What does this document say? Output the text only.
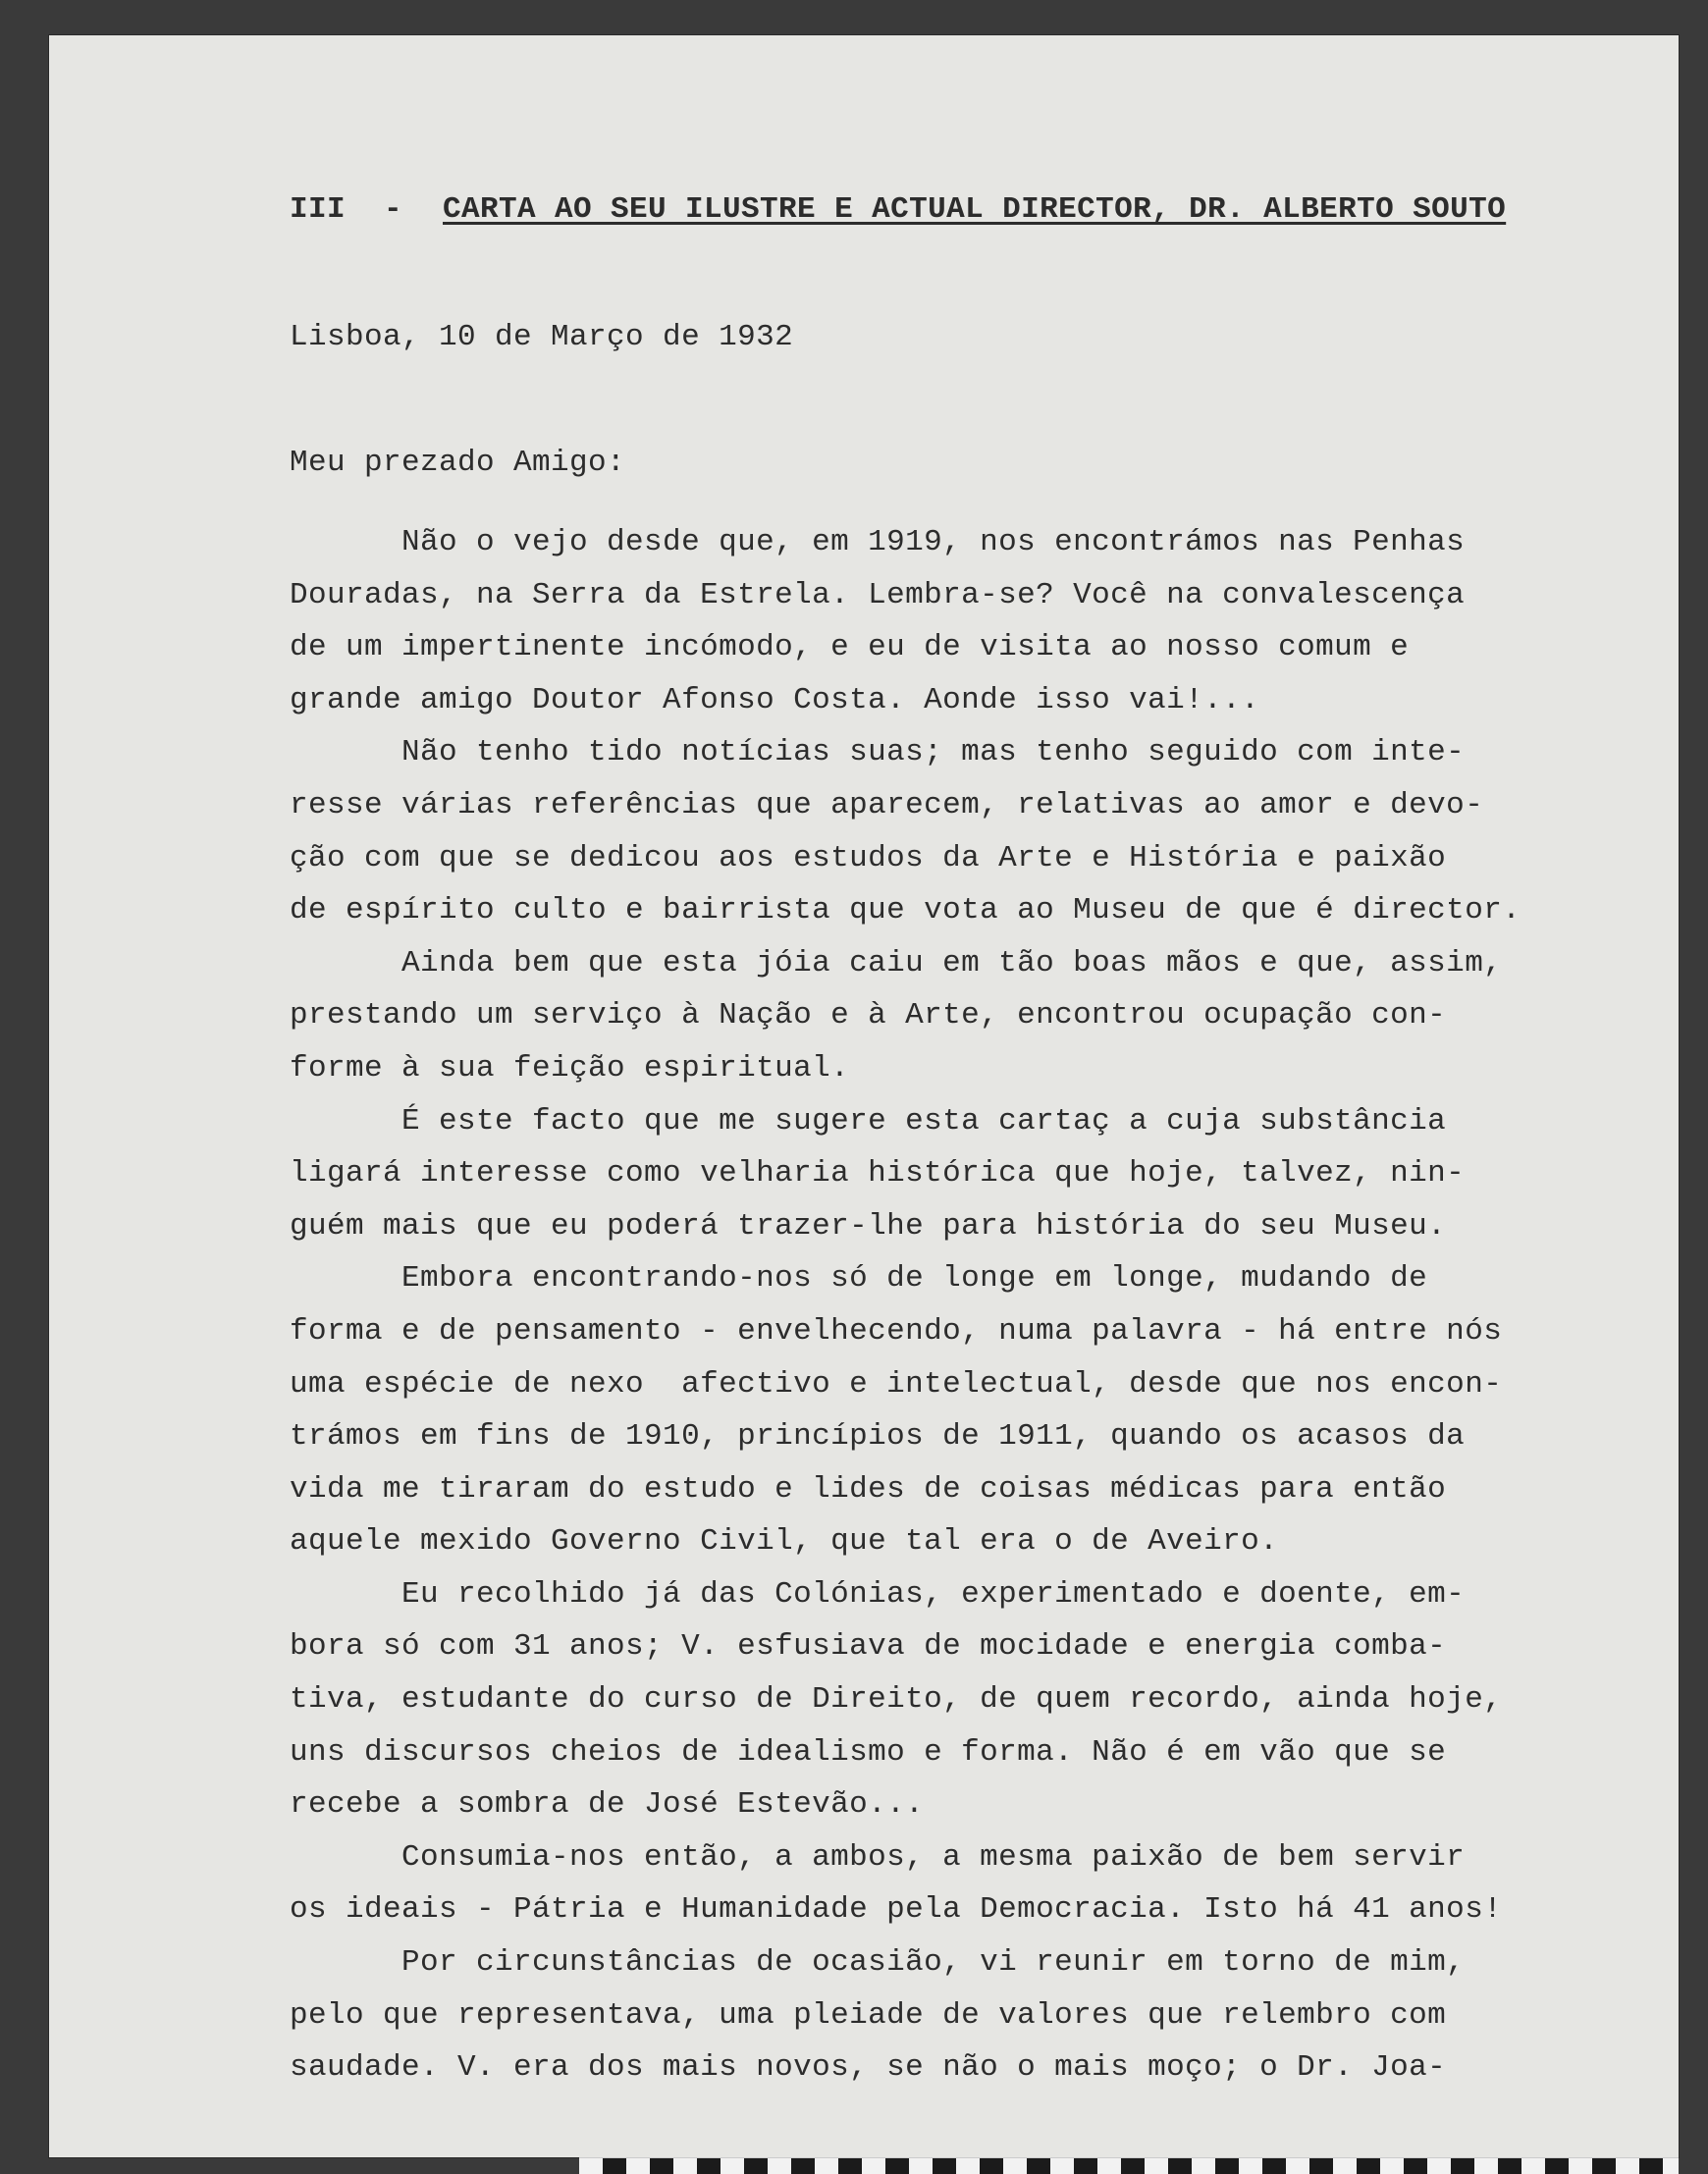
III - CARTA AO SEU ILUSTRE E ACTUAL DIRECTOR, DR. ALBERTO SOUTO
Lisboa, 10 de Março de 1932
Meu prezado Amigo:
Não o vejo desde que, em 1919, nos encontrámos nas Penhas
Douradas, na Serra da Estrela. Lembra-se? Você na convalescença
de um impertinente incómodo, e eu de visita ao nosso comum e
grande amigo Doutor Afonso Costa. Aonde isso vai!...
Não tenho tido notícias suas; mas tenho seguido com inte-
resse várias referências que aparecem, relativas ao amor e devo-
ção com que se dedicou aos estudos da Arte e História e paixão
de espírito culto e bairrista que vota ao Museu de que é director.
Ainda bem que esta jóia caiu em tão boas mãos e que, assim,
prestando um serviço à Nação e à Arte, encontrou ocupação con-
forme à sua feição espiritual.
É este facto que me sugere esta cartaç a cuja substância
ligará interesse como velharia histórica que hoje, talvez, nin-
guém mais que eu poderá trazer-lhe para história do seu Museu.
Embora encontrando-nos só de longe em longe, mudando de
forma e de pensamento - envelhecendo, numa palavra - há entre nós
uma espécie de nexo  afectivo e intelectual, desde que nos encon-
trámos em fins de 1910, princípios de 1911, quando os acasos da
vida me tiraram do estudo e lides de coisas médicas para então
aquele mexido Governo Civil, que tal era o de Aveiro.
Eu recolhido já das Colónias, experimentado e doente, em-
bora só com 31 anos; V. esfusiava de mocidade e energia comba-
tiva, estudante do curso de Direito, de quem recordo, ainda hoje,
uns discursos cheios de idealismo e forma. Não é em vão que se
recebe a sombra de José Estevão...
Consumia-nos então, a ambos, a mesma paixão de bem servir
os ideais - Pátria e Humanidade pela Democracia. Isto há 41 anos!
Por circunstâncias de ocasião, vi reunir em torno de mim,
pelo que representava, uma pleiade de valores que relembro com
saudade. V. era dos mais novos, se não o mais moço; o Dr. Joa-
